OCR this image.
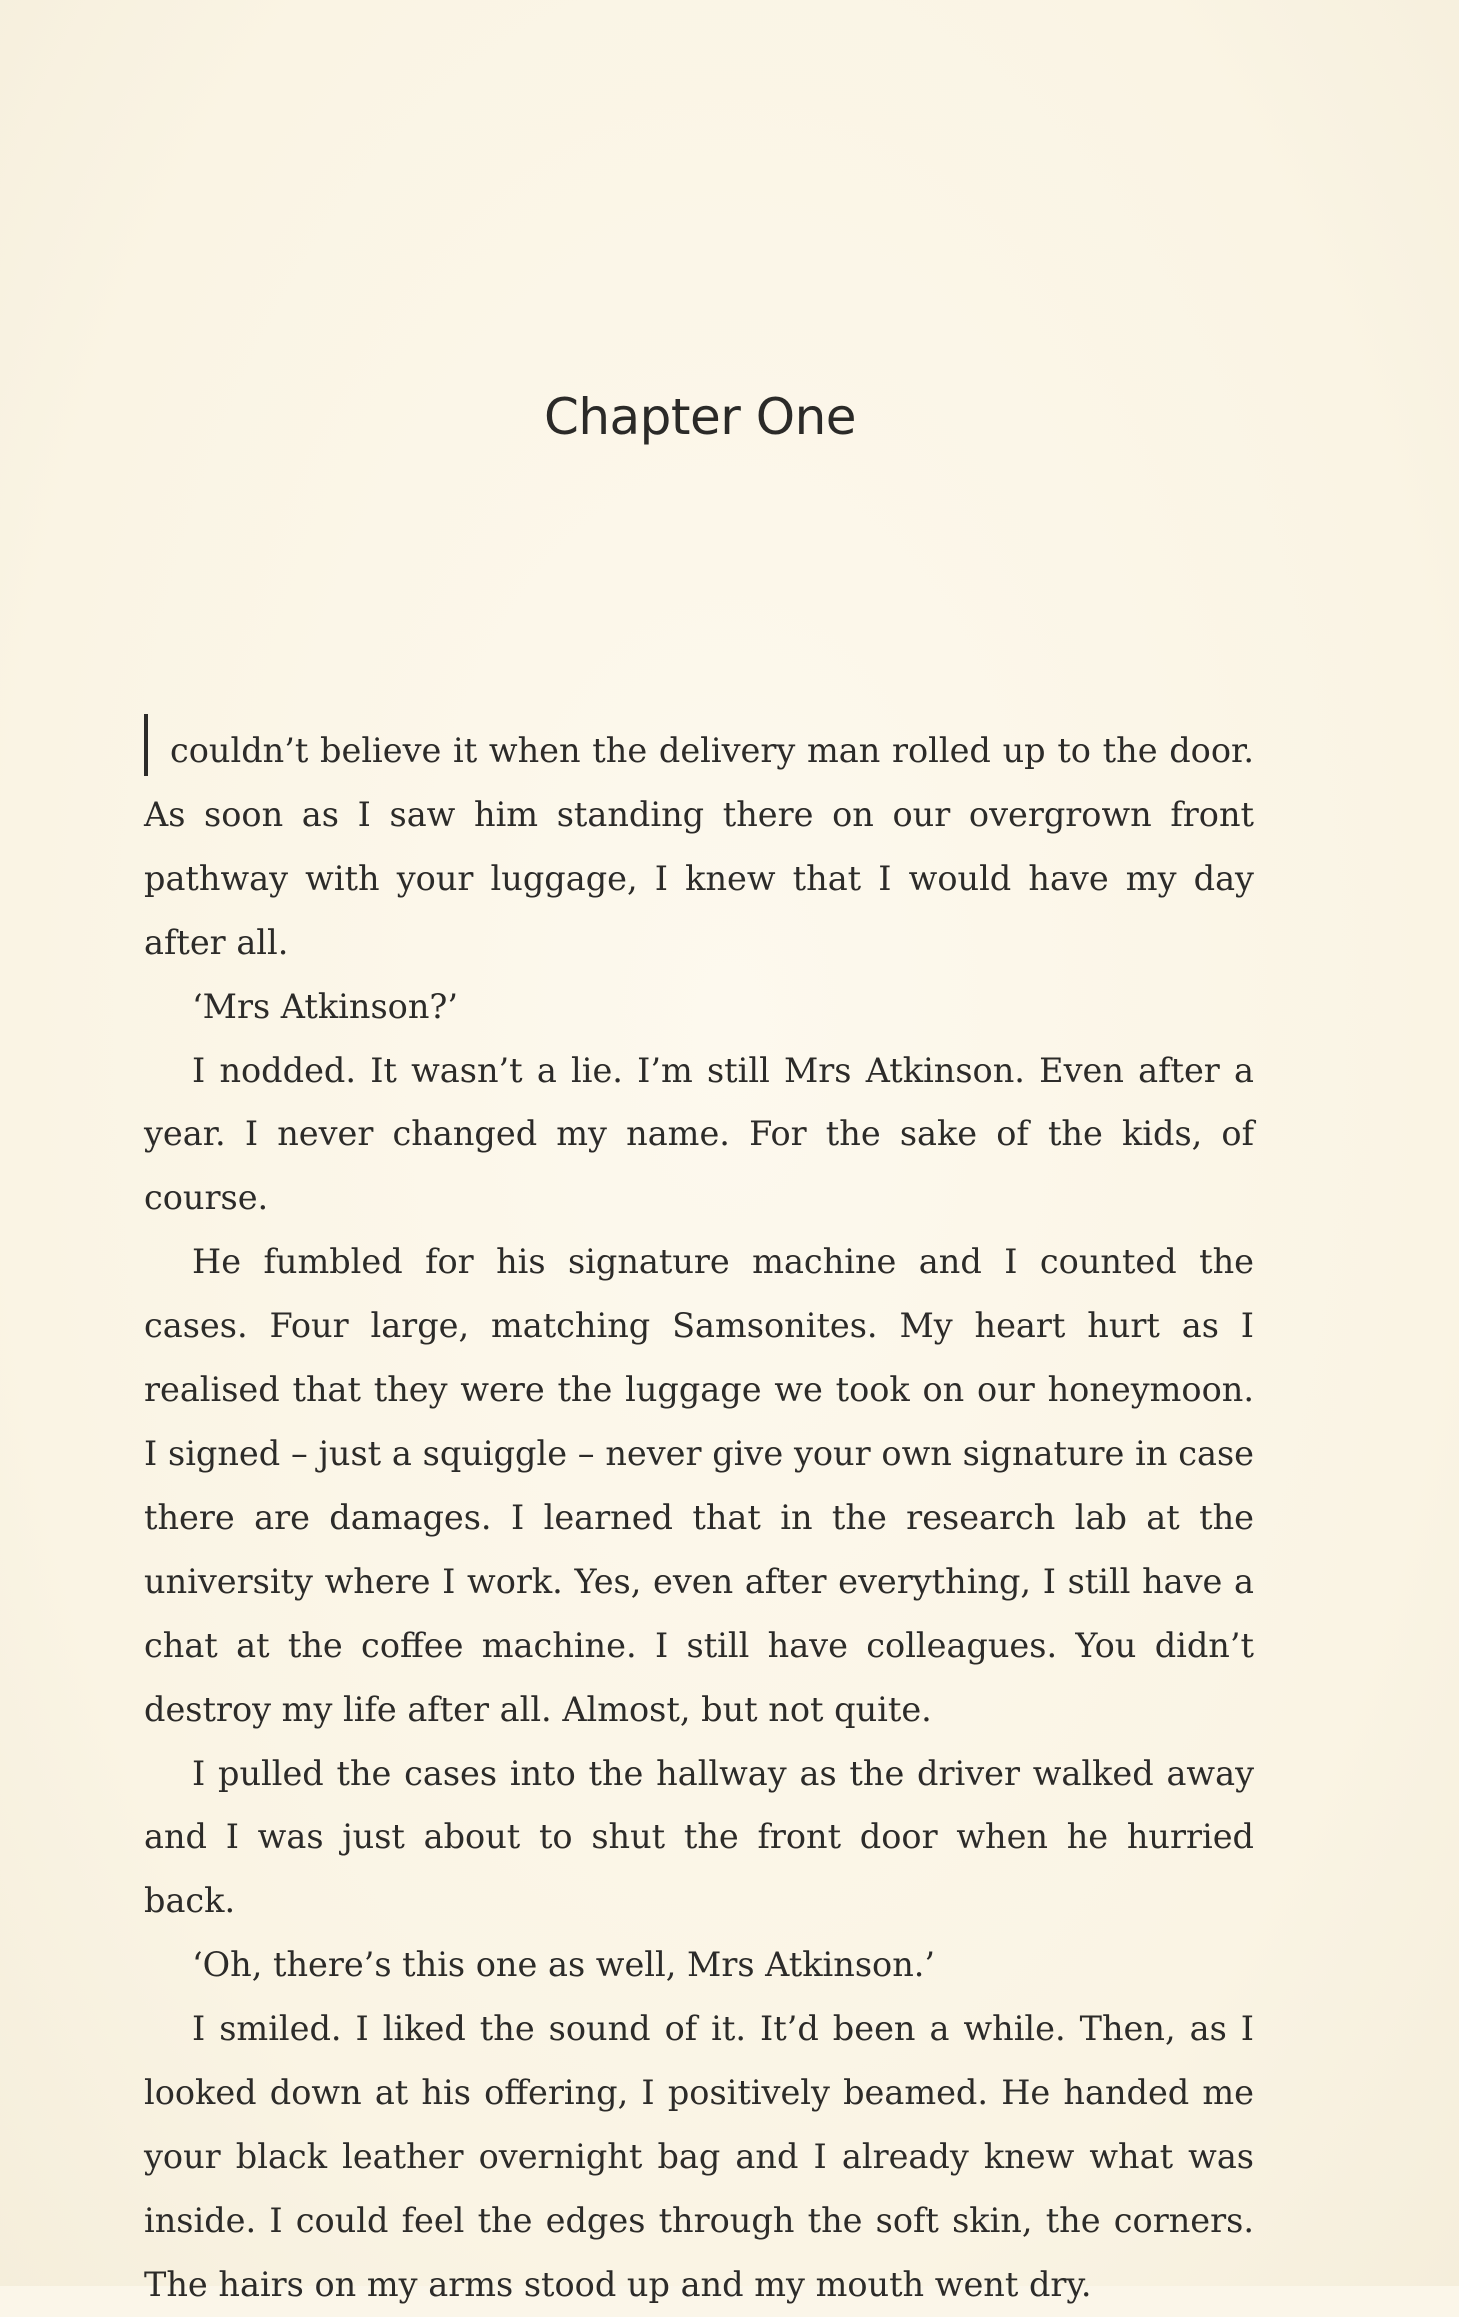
Chapter One

couldn’t believe it when the delivery man rolled up to the door. As soon as I saw him standing there on our overgrown front pathway with your luggage, I knew that I would have my day after all.

‘Mrs Atkinson?’

I nodded. It wasn’t a lie. I’m still Mrs Atkinson. Even after a year. I never changed my name. For the sake of the kids, of course.

He fumbled for his signature machine and I counted the cases. Four large, matching Samsonites. My heart hurt as I realised that they were the luggage we took on our honeymoon. I signed – just a squiggle – never give your own signature in case there are damages. I learned that in the research lab at the university where I work. Yes, even after everything, I still have a chat at the coffee machine. I still have colleagues. You didn’t destroy my life after all. Almost, but not quite.

I pulled the cases into the hallway as the driver walked away and I was just about to shut the front door when he hurried back.

‘Oh, there’s this one as well, Mrs Atkinson.’

I smiled. I liked the sound of it. It’d been a while. Then, as I looked down at his offering, I positively beamed. He handed me your black leather overnight bag and I already knew what was inside. I could feel the edges through the soft skin, the corners. The hairs on my arms stood up and my mouth went dry.
